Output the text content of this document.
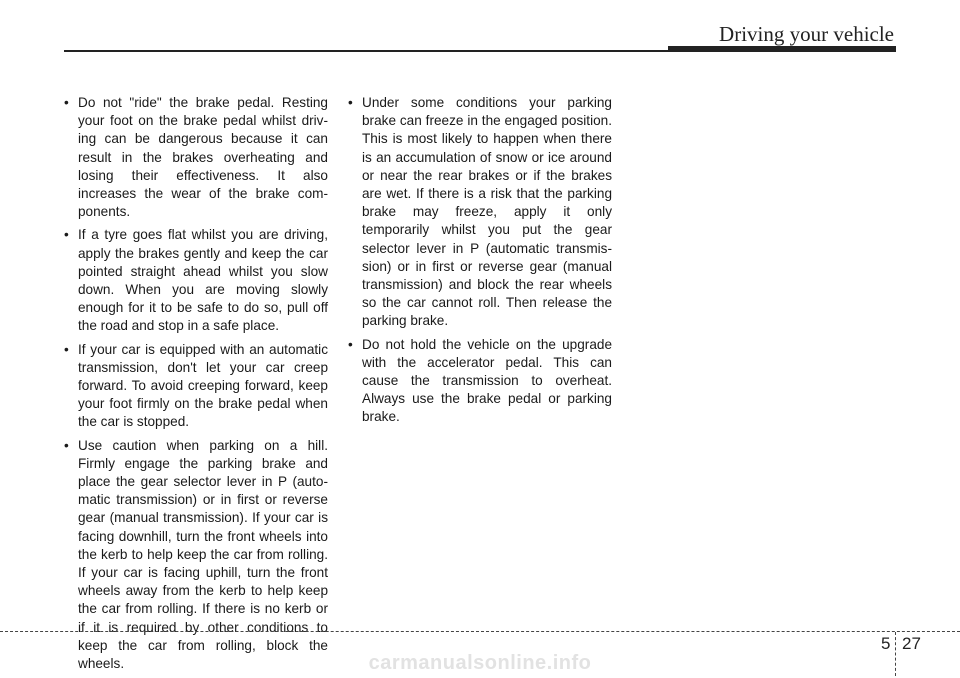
Driving your vehicle
• Do not "ride" the brake pedal. Resting your foot on the brake pedal whilst driving can be dangerous because it can result in the brakes overheating and losing their effectiveness. It also increases the wear of the brake components.
• If a tyre goes flat whilst you are driving, apply the brakes gently and keep the car pointed straight ahead whilst you slow down. When you are moving slowly enough for it to be safe to do so, pull off the road and stop in a safe place.
• If your car is equipped with an automatic transmission, don't let your car creep forward. To avoid creeping forward, keep your foot firmly on the brake pedal when the car is stopped.
• Use caution when parking on a hill. Firmly engage the parking brake and place the gear selector lever in P (automatic transmission) or in first or reverse gear (manual transmission). If your car is facing downhill, turn the front wheels into the kerb to help keep the car from rolling. If your car is facing uphill, turn the front wheels away from the kerb to help keep the car from rolling. If there is no kerb or if it is required by other conditions to keep the car from rolling, block the wheels.
• Under some conditions your parking brake can freeze in the engaged position. This is most likely to happen when there is an accumulation of snow or ice around or near the rear brakes or if the brakes are wet. If there is a risk that the parking brake may freeze, apply it only temporarily whilst you put the gear selector lever in P (automatic transmission) or in first or reverse gear (manual transmission) and block the rear wheels so the car cannot roll. Then release the parking brake.
• Do not hold the vehicle on the upgrade with the accelerator pedal. This can cause the transmission to overheat. Always use the brake pedal or parking brake.
5 27
carmanualsonline.info
